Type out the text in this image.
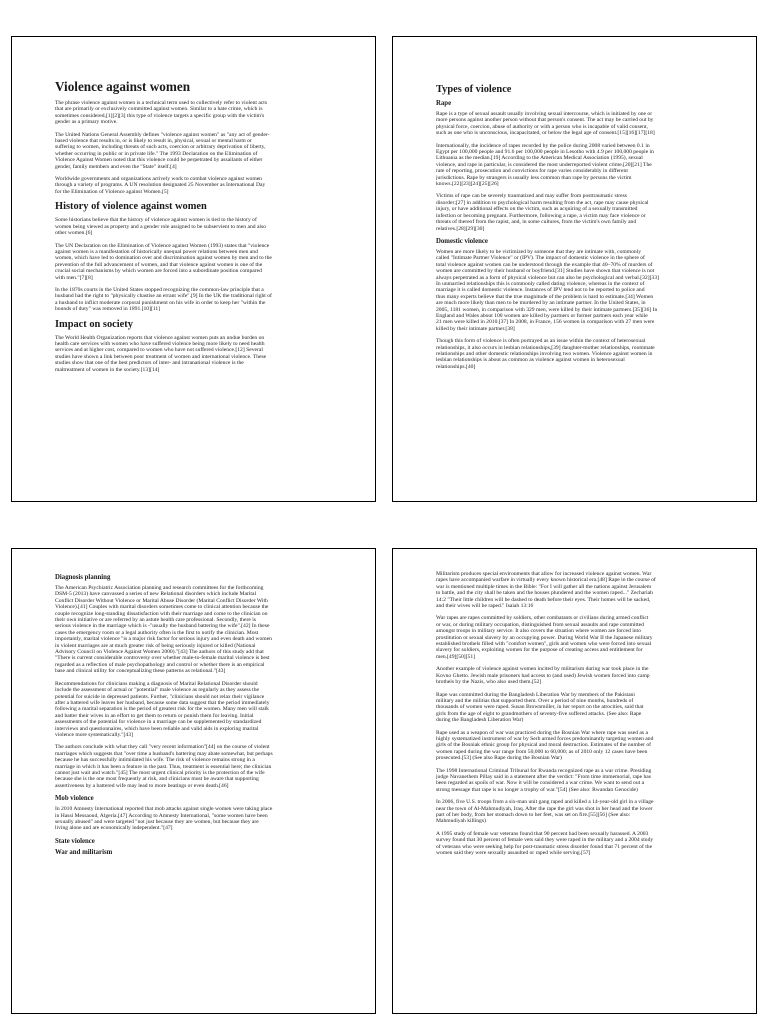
Violence against women
The phrase violence against women is a technical term used to collectively refer to violent acts
that are primarily or exclusively committed against women. Similar to a hate crime, which is
sometimes considered,[1][2][3] this type of violence targets a specific group with the victim's
gender as a primary motive.
The United Nations General Assembly defines "violence against women" as "any act of gender-
based violence that results in, or is likely to result in, physical, sexual or mental harm or
suffering to women, including threats of such acts, coercion or arbitrary deprivation of liberty,
whether occurring in public or in private life." The 1993 Declaration on the Elimination of
Violence Against Women noted that this violence could be perpetrated by assailants of either
gender, family members and even the "State" itself.[4]
Worldwide governments and organizations actively work to combat violence against women
through a variety of programs. A UN resolution designated 25 November as International Day
for the Elimination of Violence against Women.[5]
History of violence against women
Some historians believe that the history of violence against women is tied to the history of
women being viewed as property and a gender role assigned to be subservient to men and also
other women.[6]
The UN Declaration on the Elimination of Violence against Women (1993) states that "violence
against women is a manifestation of historically unequal power relations between men and
women, which have led to domination over and discrimination against women by men and to the
prevention of the full advancement of women, and that violence against women is one of the
crucial social mechanisms by which women are forced into a subordinate position compared
with men."[7][8]
In the 1870s courts in the United States stopped recognizing the common-law principle that a
husband had the right to "physically chastise an errant wife".[9] In the UK the traditional right of
a husband to inflict moderate corporal punishment on his wife in order to keep her "within the
bounds of duty" was removed in 1891.[10][11]
Impact on society
The World Health Organization reports that violence against women puts an undue burden on
health care services with women who have suffered violence being more likely to need health
services and at higher cost, compared to women who have not suffered violence.[12] Several
studies have shown a link between poor treatment of women and international violence. These
studies show that one of the best predictors of inter- and intranational violence is the
maltreatment of women in the society.[13][14]
Types of violence
Rape
Rape is a type of sexual assault usually involving sexual intercourse, which is initiated by one or
more persons against another person without that person's consent. The act may be carried out by
physical force, coercion, abuse of authority or with a person who is incapable of valid consent,
such as one who is unconscious, incapacitated, or below the legal age of consent.[15][16][17][18]
Internationally, the incidence of rapes recorded by the police during 2008 varied between 0.1 in
Egypt per 100,000 people and 91.6 per 100,000 people in Lesotho with 4.9 per 100,000 people in
Lithuania as the median.[19] According to the American Medical Association (1995), sexual
violence, and rape in particular, is considered the most underreported violent crime.[20][21] The
rate of reporting, prosecution and convictions for rape varies considerably in different
jurisdictions. Rape by strangers is usually less common than rape by persons the victim
knows.[22][23][24][25][26]
Victims of rape can be severely traumatized and may suffer from posttraumatic stress
disorder;[27] in addition to psychological harm resulting from the act, rape may cause physical
injury, or have additional effects on the victim, such as acquiring of a sexually transmitted
infection or becoming pregnant. Furthermore, following a rape, a victim may face violence or
threats of thereof from the rapist, and, in some cultures, from the victim's own family and
relatives.[28][29][30]
Domestic violence
Women are more likely to be victimized by someone that they are intimate with, commonly
called "Intimate Partner Violence" or (IPV). The impact of domestic violence in the sphere of
total violence against women can be understood through the example that 40–70% of murders of
women are committed by their husband or boyfriend.[31] Studies have shown that violence is not
always perpetrated as a form of physical violence but can also be psychological and verbal.[32][33]
In unmarried relationships this is commonly called dating violence, whereas in the context of
marriage it is called domestic violence. Instances of IPV tend not to be reported to police and
thus many experts believe that the true magnitude of the problem is hard to estimate.[34] Women
are much more likely than men to be murdered by an intimate partner. In the United States, in
2005, 1181 women, in comparison with 329 men, were killed by their intimate partners.[35][36] In
England and Wales about 100 women are killed by partners or former partners each year while
21 men were killed in 2010.[37] In 2008, in France, 156 women in comparison with 27 men were
killed by their intimate partner.[38]
Though this form of violence is often portrayed as an issue within the context of heterosexual
relationships, it also occurs in lesbian relationships,[39] daughter-mother relationships, roommate
relationships and other domestic relationships involving two women. Violence against women in
lesbian relationships is about as common as violence against women in heterosexual
relationships.[40]
Diagnosis planning
The American Psychiatric Association planning and research committees for the forthcoming
DSM-5 (2013) have canvassed a series of new Relational disorders which include Marital
Conflict Disorder Without Violence or Marital Abuse Disorder (Marital Conflict Disorder With
Violence).[41] Couples with marital disorders sometimes come to clinical attention because the
couple recognize long-standing dissatisfaction with their marriage and come to the clinician on
their own initiative or are referred by an astute health care professional. Secondly, there is
serious violence in the marriage which is -"usually the husband battering the wife".[42] In these
cases the emergency room or a legal authority often is the first to notify the clinician. Most
importantly, marital violence "is a major risk factor for serious injury and even death and women
in violent marriages are at much greater risk of being seriously injured or killed (National
Advisory Council on Violence Against Women 2000)."[43] The authors of this study add that
"There is current considerable controversy over whether male-to-female marital violence is best
regarded as a reflection of male psychopathology and control or whether there is an empirical
base and clinical utility for conceptualizing these patterns as relational."[43]
Recommendations for clinicians making a diagnosis of Marital Relational Disorder should
include the assessment of actual or "potential" male violence as regularly as they assess the
potential for suicide in depressed patients. Further, "clinicians should not relax their vigilance
after a battered wife leaves her husband, because some data suggest that the period immediately
following a marital separation is the period of greatest risk for the women. Many men will stalk
and batter their wives in an effort to get them to return or punish them for leaving. Initial
assessments of the potential for violence in a marriage can be supplemented by standardized
interviews and questionnaires, which have been reliable and valid aids in exploring marital
violence more systematically."[43]
The authors conclude with what they call "very recent information"[44] on the course of violent
marriages which suggests that "over time a husband's battering may abate somewhat, but perhaps
because he has successfully intimidated his wife. The risk of violence remains strong in a
marriage in which it has been a feature in the past. Thus, treatment is essential here; the clinician
cannot just wait and watch."[45] The most urgent clinical priority is the protection of the wife
because she is the one most frequently at risk, and clinicians must be aware that supporting
assertiveness by a battered wife may lead to more beatings or even death.[46]
Mob violence
In 2010 Amnesty International reported that mob attacks against single women were taking place
in Hassi Messaoud, Algeria.[47] According to Amnesty International, "some women have been
sexually abused" and were targeted "not just because they are women, but because they are
living alone and are economically independent."[47]
State violence
War and militarism
Militarism produces special environments that allow for increased violence against women. War
rapes have accompanied warfare in virtually every known historical era.[48] Rape in the course of
war is mentioned multiple times in the Bible: "For I will gather all the nations against Jerusalem
to battle, and the city shall be taken and the houses plundered and the women raped..." Zechariah
14:2 "Their little children will be dashed to death before their eyes. Their homes will be sacked,
and their wives will be raped." Isaiah 13:16
War rapes are rapes committed by soldiers, other combatants or civilians during armed conflict
or war, or during military occupation, distinguished from sexual assaults and rape committed
amongst troops in military service. It also covers the situation where women are forced into
prostitution or sexual slavery by an occupying power. During World War II the Japanese military
established brothels filled with "comfort women", girls and women who were forced into sexual
slavery for soldiers, exploiting women for the purpose of creating access and entitlement for
men.[49][50][51]
Another example of violence against women incited by militarism during war took place in the
Kovno Ghetto. Jewish male prisoners had access to (and used) Jewish women forced into camp
brothels by the Nazis, who also used them.[52]
Rape was committed during the Bangladesh Liberation War by members of the Pakistani
military and the militias that supported them. Over a period of nine months, hundreds of
thousands of women were raped. Susan Brownmiller, in her report on the atrocities, said that
girls from the age of eight to grandmothers of seventy-five suffered attacks. (See also: Rape
during the Bangladesh Liberation War)
Rape used as a weapon of war was practiced during the Bosnian War where rape was used as a
highly systematized instrument of war by Serb armed forces predominantly targeting women and
girls of the Bosniak ethnic group for physical and moral destruction. Estimates of the number of
women raped during the war range from 50,000 to 60,000; as of 2010 only 12 cases have been
prosecuted.[53] (See also Rape during the Bosnian War)
The 1998 International Criminal Tribunal for Rwanda recognized rape as a war crime. Presiding
judge Navanethem Pillay said in a statement after the verdict: "From time immemorial, rape has
been regarded as spoils of war. Now it will be considered a war crime. We want to send out a
strong message that rape is no longer a trophy of war."[54] (See also: Rwandan Genocide)
In 2006, five U.S. troops from a six-man unit gang raped and killed a 14-year-old girl in a village
near the town of Al-Mahmudiyah, Iraq. After the rape the girl was shot in her head and the lower
part of her body, from her stomach down to her feet, was set on fire.[55][56] (See also:
Mahmudiyah killings)
A 1995 study of female war veterans found that 90 percent had been sexually harassed. A 2003
survey found that 30 percent of female vets said they were raped in the military and a 2004 study
of veterans who were seeking help for post-traumatic stress disorder found that 71 percent of the
women said they were sexually assaulted or raped while serving.[57]
